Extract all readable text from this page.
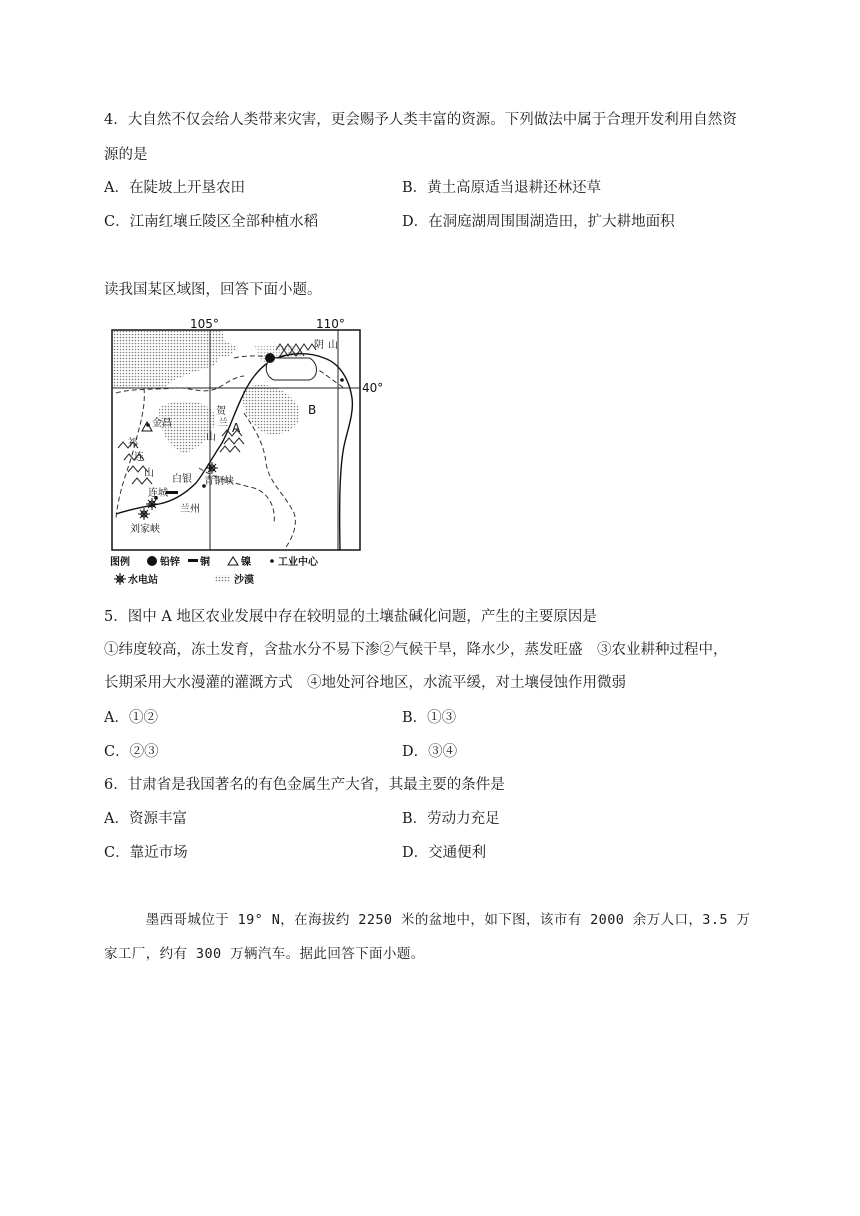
4．大自然不仅会给人类带来灾害，更会赐予人类丰富的资源。下列做法中属于合理开发利用自然资
源的是
A．在陡坡上开垦农田	B．黄土高原适当退耕还林还草
C．江南红壤丘陵区全部种植水稻	D．在洞庭湖周围围湖造田，扩大耕地面积
读我国某区域图，回答下面小题。
105°	110°
40°
阴 山
B
A
贺
兰
山
金昌
祁
连
山
白银
连城
兰州
青铜峡
刘家峡
图例	铅锌 铜	镍	工业中心
水电站	沙漠
5．图中 A 地区农业发展中存在较明显的土壤盐碱化问题，产生的主要原因是
①纬度较高，冻土发育，含盐水分不易下渗②气候干旱，降水少，蒸发旺盛　③农业耕种过程中，
长期采用大水漫灌的灌溉方式　④地处河谷地区，水流平缓，对土壤侵蚀作用微弱
A．①②	B．①③
C．②③	D．③④
6．甘肃省是我国著名的有色金属生产大省，其最主要的条件是
A．资源丰富	B．劳动力充足
C．靠近市场	D．交通便利
　　　墨西哥城位于 19° N，在海拔约 2250 米的盆地中，如下图，该市有 2000 余万人口，3.5 万
家工厂，约有 300 万辆汽车。据此回答下面小题。
